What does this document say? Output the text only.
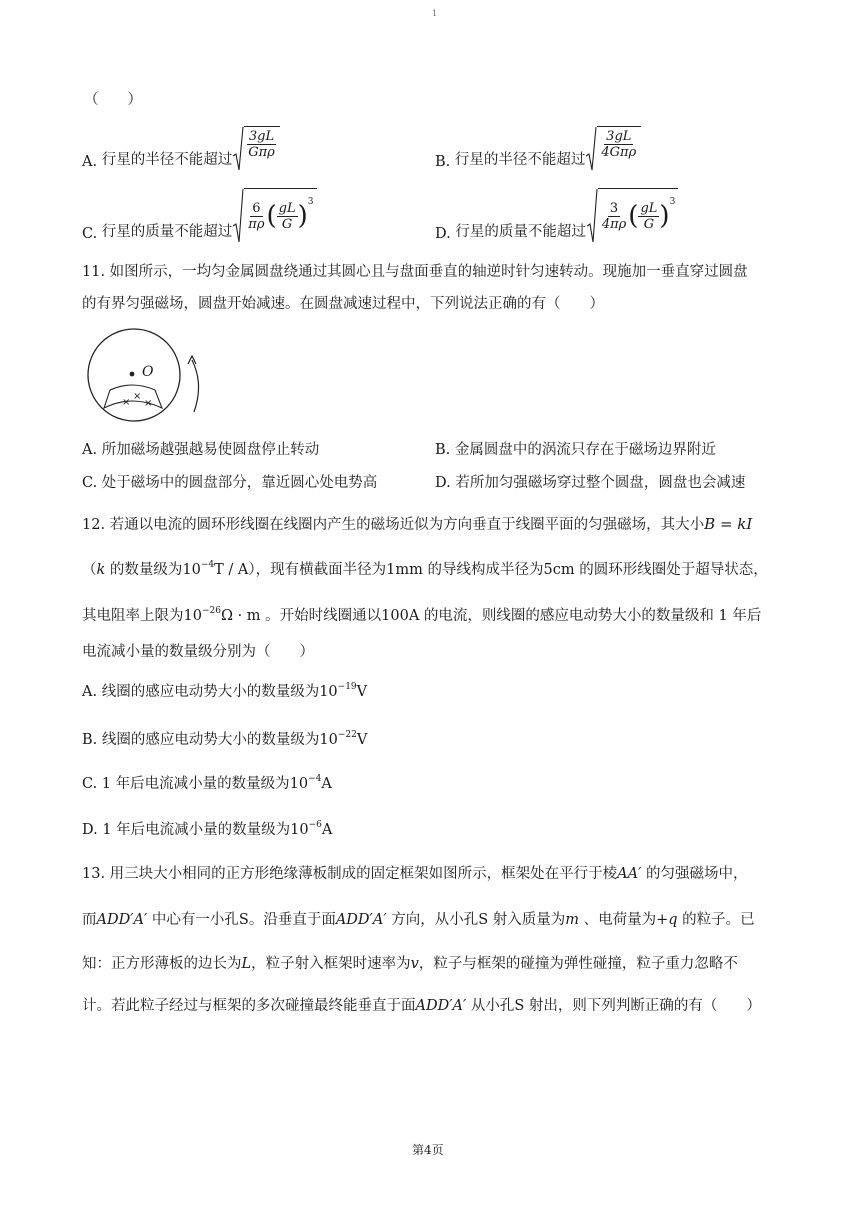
1
（　　）
A.
行星的半径不能超过 $\frac{3gL}{\text{Gπρ}}$
B.
行星的半径不能超过 $\frac{3gL}{\text{4Gπρ}}$
C.
行星的质量不能超过
$\frac{6}{\pi\rho}$ ( $\frac{gL}{G}$ ) 3
D.
行星的质量不能超过
$\frac{3}{4\pi\rho}$ ( $\frac{gL}{G}$ ) 3
11. 如图所示，一均匀金属圆盘绕通过其圆心且与盘面垂直的轴逆时针匀速转动。现施加一垂直穿过圆盘
的有界匀强磁场，圆盘开始减速。在圆盘减速过程中，下列说法正确的有（　　）
×
×
×
O
A. 所加磁场越强越易使圆盘停止转动	B. 金属圆盘中的涡流只存在于磁场边界附近
C. 处于磁场中的圆盘部分，靠近圆心处电势高	D. 若所加匀强磁场穿过整个圆盘，圆盘也会减速
12. 若通以电流的圆环形线圈在线圈内产生的磁场近似为方向垂直于线圈平面的匀强磁场，其大小B = kI
（k 的数量级为$10^{-4}T / A$），现有横截面半径为1mm 的导线构成半径为5cm 的圆环形线圈处于超导状态，
其电阻率上限为$10^{-26}\Omega \cdot m$ 。开始时线圈通以100A 的电流，则线圈的感应电动势大小的数量级和 1 年后
电流减小量的数量级分别为（　　）
A. 线圈的感应电动势大小的数量级为$10^{-19}V$
B. 线圈的感应电动势大小的数量级为$10^{-22}V$
C. 1 年后电流减小量的数量级为$10^{-4}A$
D. 1 年后电流减小量的数量级为$10^{-6}A$
13. 用三块大小相同的正方形绝缘薄板制成的固定框架如图所示，框架处在平行于棱AA′ 的匀强磁场中，
而ADD′A′ 中心有一小孔S。沿垂直于面ADD′A′ 方向，从小孔S 射入质量为m 、电荷量为+q 的粒子。已
知：正方形薄板的边长为L，粒子射入框架时速率为v，粒子与框架的碰撞为弹性碰撞，粒子重力忽略不
计。若此粒子经过与框架的多次碰撞最终能垂直于面ADD′A′ 从小孔S 射出，则下列判断正确的有（　　）
第4页
